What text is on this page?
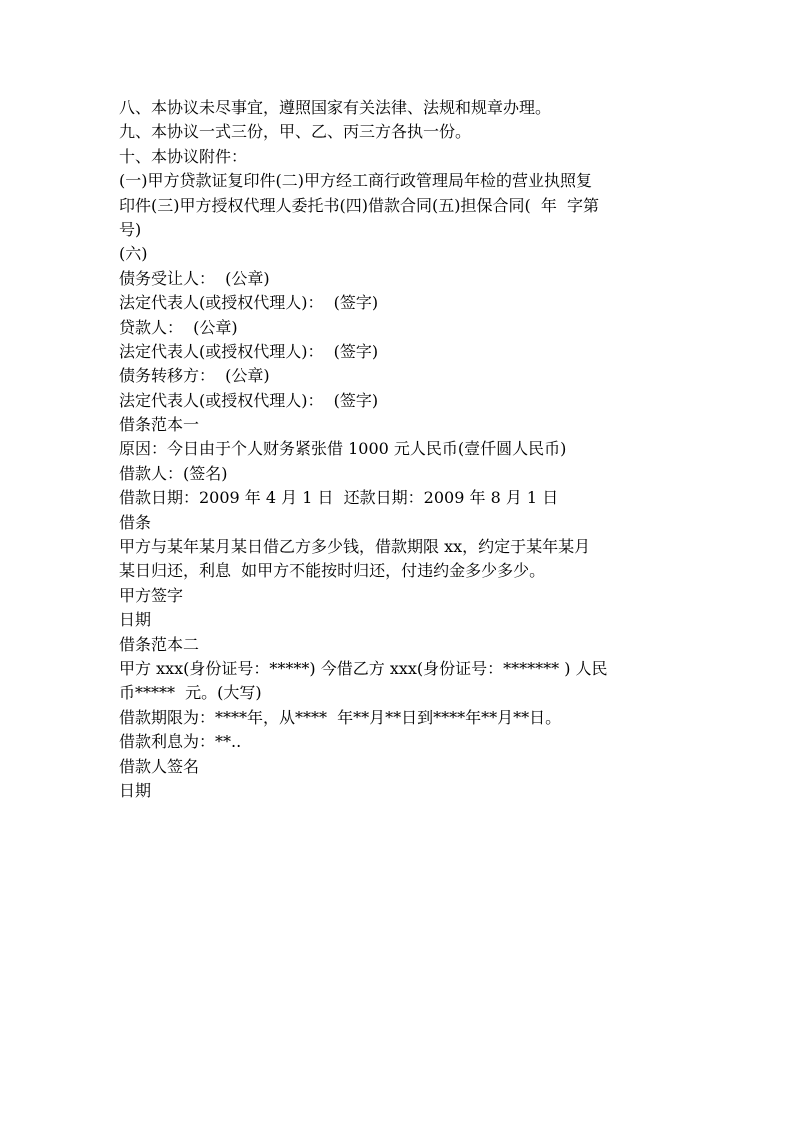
八、本协议未尽事宜，遵照国家有关法律、法规和规章办理。
九、本协议一式三份，甲、乙、丙三方各执一份。
十、本协议附件：
(一)甲方贷款证复印件(二)甲方经工商行政管理局年检的营业执照复
印件(三)甲方授权代理人委托书(四)借款合同(五)担保合同(  年  字第
号)
(六)
债务受让人：  (公章)
法定代表人(或授权代理人)：  (签字)
贷款人：  (公章)
法定代表人(或授权代理人)：  (签字)
债务转移方：  (公章)
法定代表人(或授权代理人)：  (签字)
借条范本一
原因：今日由于个人财务紧张借 1000 元人民币(壹仟圆人民币)
借款人：(签名)
借款日期：2009 年 4 月 1 日  还款日期：2009 年 8 月 1 日
借条
甲方与某年某月某日借乙方多少钱，借款期限 xx，约定于某年某月
某日归还，利息  如甲方不能按时归还，付违约金多少多少。
甲方签字
日期
借条范本二
甲方 xxx(身份证号：*****) 今借乙方 xxx(身份证号：******* ) 人民
币*****  元。(大写)
借款期限为：****年，从****  年**月**日到****年**月**日。
借款利息为：**..
借款人签名
日期
